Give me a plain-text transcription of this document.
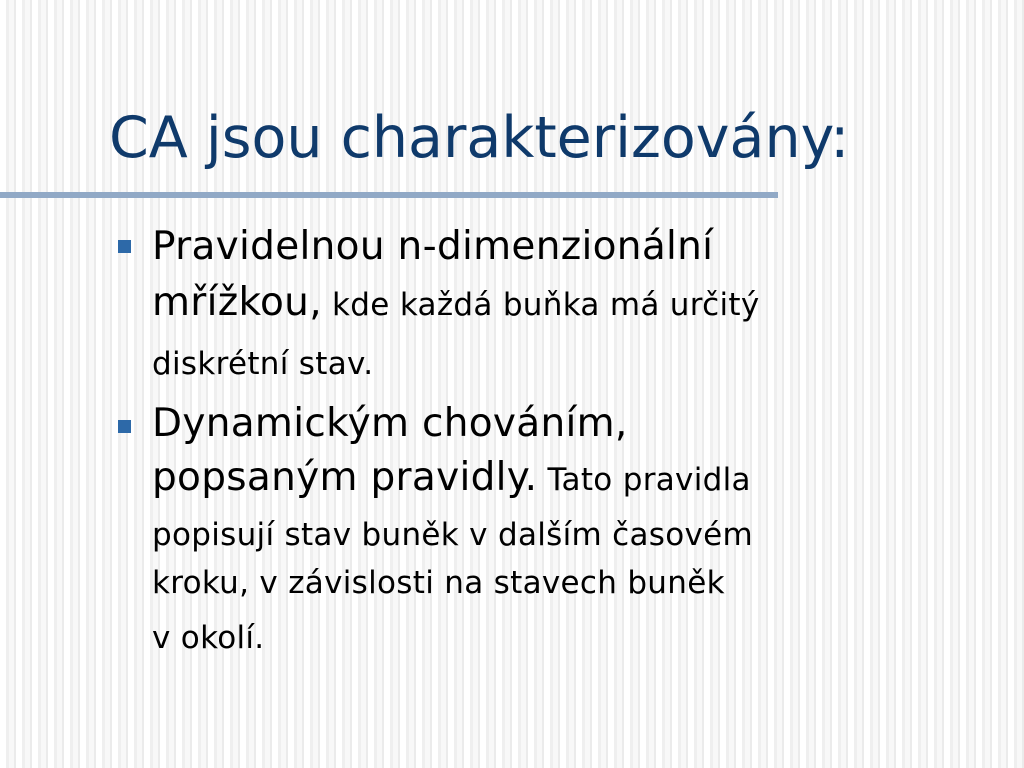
CA jsou charakterizovány:

Pravidelnou n-dimenzionální
mřížkou, kde každá buňka má určitý
diskrétní stav.

Dynamickým chováním,
popsaným pravidly. Tato pravidla
popisují stav buněk v dalším časovém
kroku, v závislosti na stavech buněk
v okolí.
